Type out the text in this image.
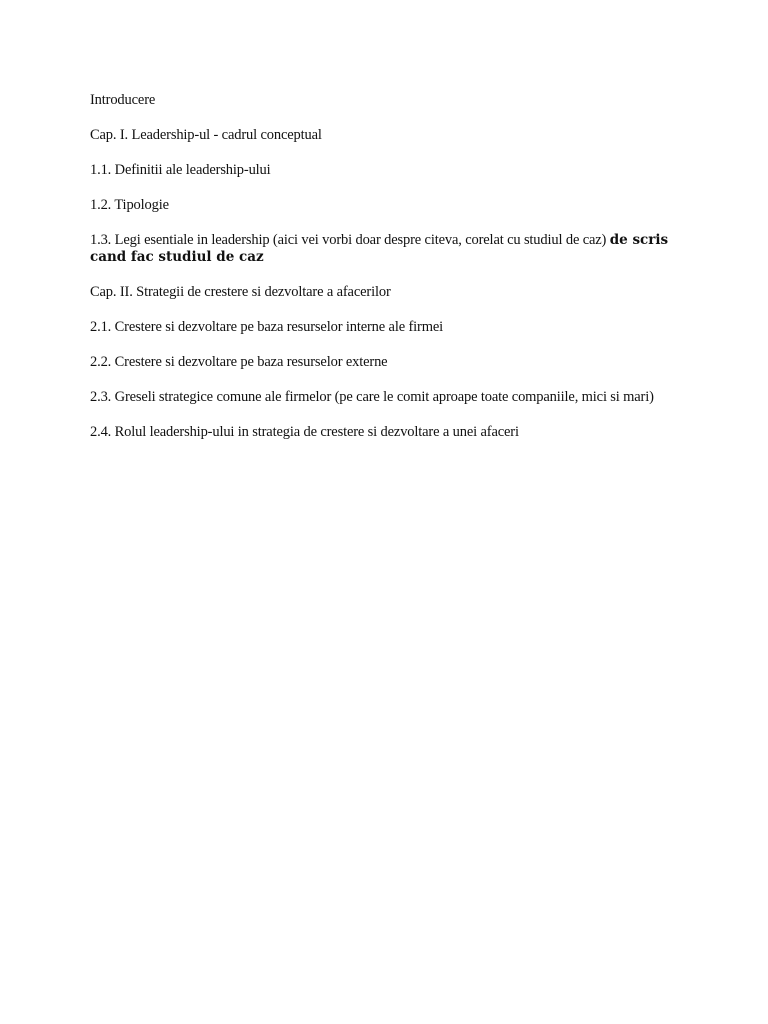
Introducere

Cap. I. Leadership-ul - cadrul conceptual

1.1. Definitii ale leadership-ului

1.2. Tipologie

1.3. Legi esentiale in leadership (aici vei vorbi doar despre citeva, corelat cu studiul de caz) de scris cand fac studiul de caz

Cap. II. Strategii de crestere si dezvoltare a afacerilor

2.1. Crestere si dezvoltare pe baza resurselor interne ale firmei

2.2. Crestere si dezvoltare pe baza resurselor externe

2.3. Greseli strategice comune ale firmelor (pe care le comit aproape toate companiile, mici si mari)

2.4. Rolul leadership-ului in strategia de crestere si dezvoltare a unei afaceri
